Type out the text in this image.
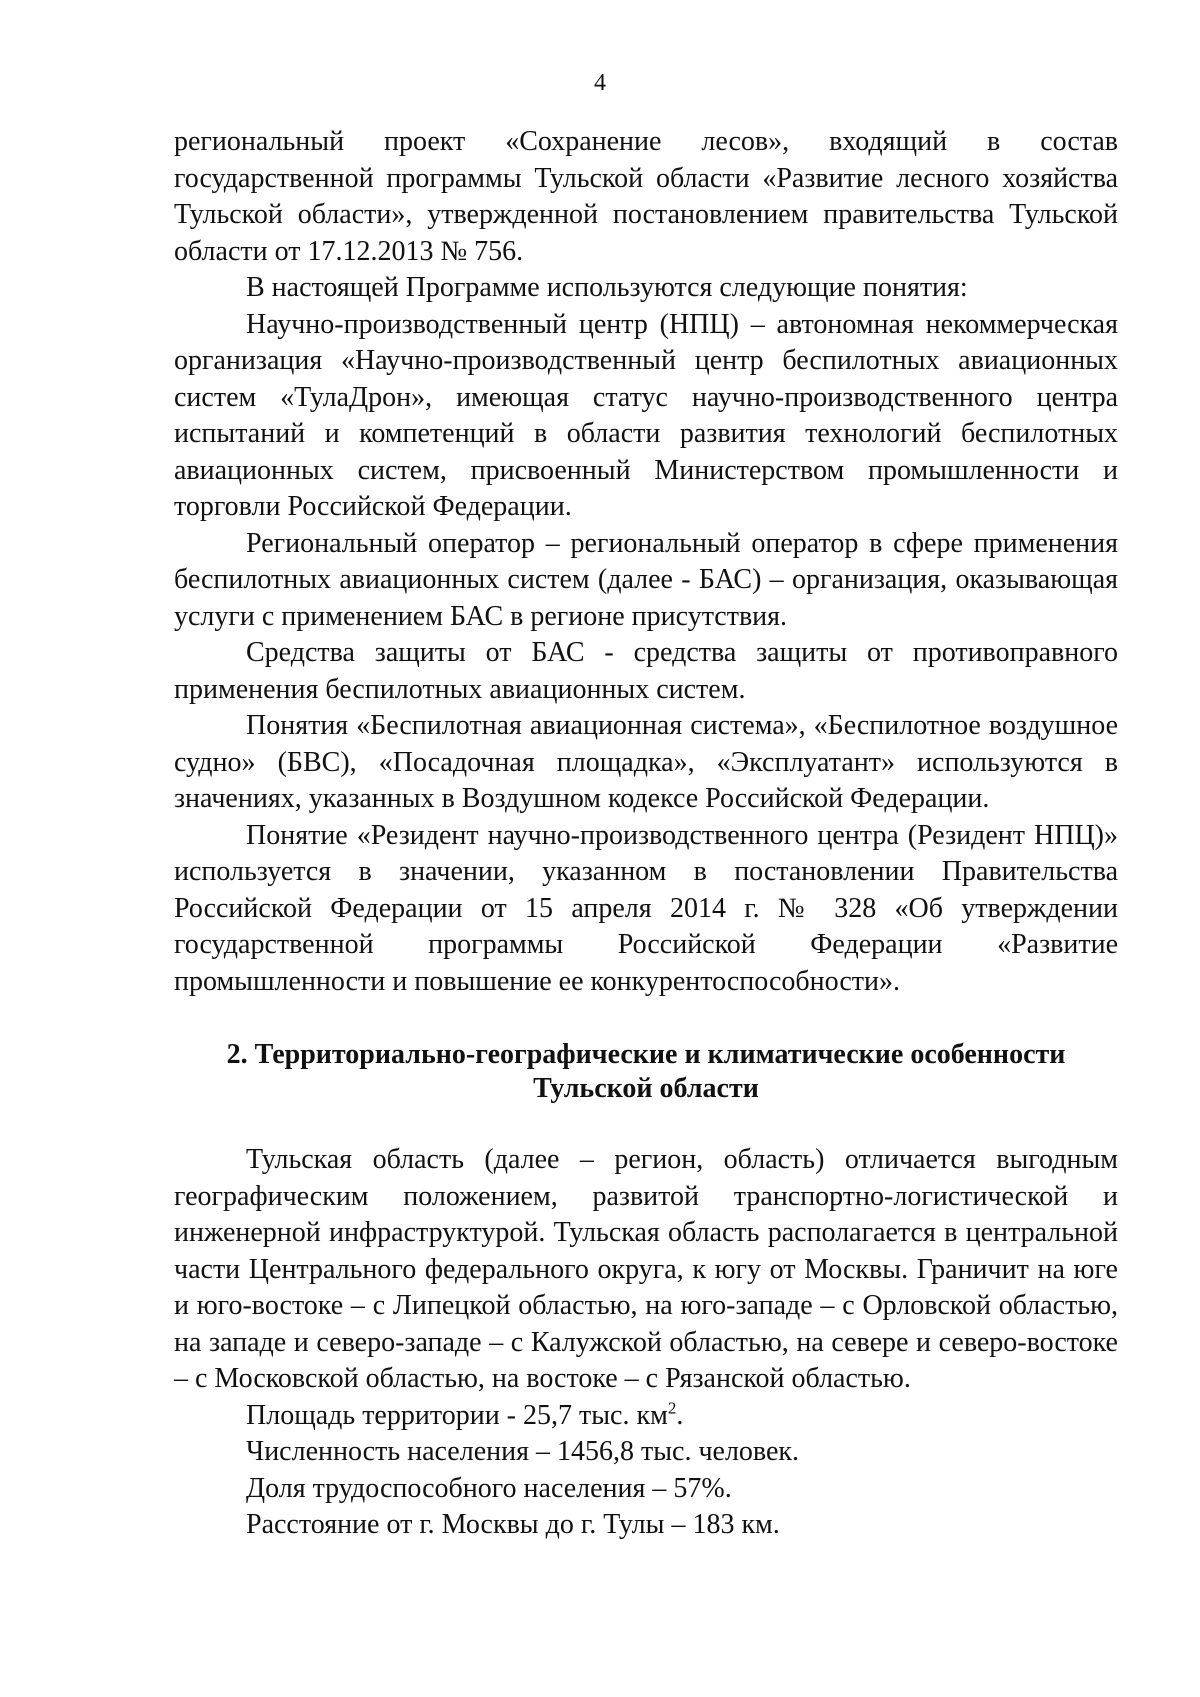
4

региональный проект «Сохранение лесов», входящий в состав государственной программы Тульской области «Развитие лесного хозяйства Тульской области», утвержденной постановлением правительства Тульской области от 17.12.2013 № 756.

В настоящей Программе используются следующие понятия:

Научно-производственный центр (НПЦ) – автономная некоммерческая организация «Научно-производственный центр беспилотных авиационных систем «ТулаДрон», имеющая статус научно-производственного центра испытаний и компетенций в области развития технологий беспилотных авиационных систем, присвоенный Министерством промышленности и торговли Российской Федерации.

Региональный оператор – региональный оператор в сфере применения беспилотных авиационных систем (далее - БАС) – организация, оказывающая услуги с применением БАС в регионе присутствия.

Средства защиты от БАС - средства защиты от противоправного применения беспилотных авиационных систем.

Понятия «Беспилотная авиационная система», «Беспилотное воздушное судно» (БВС), «Посадочная площадка», «Эксплуатант» используются в значениях, указанных в Воздушном кодексе Российской Федерации.

Понятие «Резидент научно-производственного центра (Резидент НПЦ)» используется в значении, указанном в постановлении Правительства Российской Федерации от 15 апреля 2014 г. № 328 «Об утверждении государственной программы Российской Федерации «Развитие промышленности и повышение ее конкурентоспособности».

2. Территориально-географические и климатические особенности
Тульской области

Тульская область (далее – регион, область) отличается выгодным географическим положением, развитой транспортно-логистической и инженерной инфраструктурой. Тульская область располагается в центральной части Центрального федерального округа, к югу от Москвы. Граничит на юге и юго-востоке – с Липецкой областью, на юго-западе – с Орловской областью, на западе и северо-западе – с Калужской областью, на севере и северо-востоке – с Московской областью, на востоке – с Рязанской областью.

Площадь территории - 25,7 тыс. $км^2$.

Численность населения – 1456,8 тыс. человек.

Доля трудоспособного населения – 57%.

Расстояние от г. Москвы до г. Тулы – 183 км.
